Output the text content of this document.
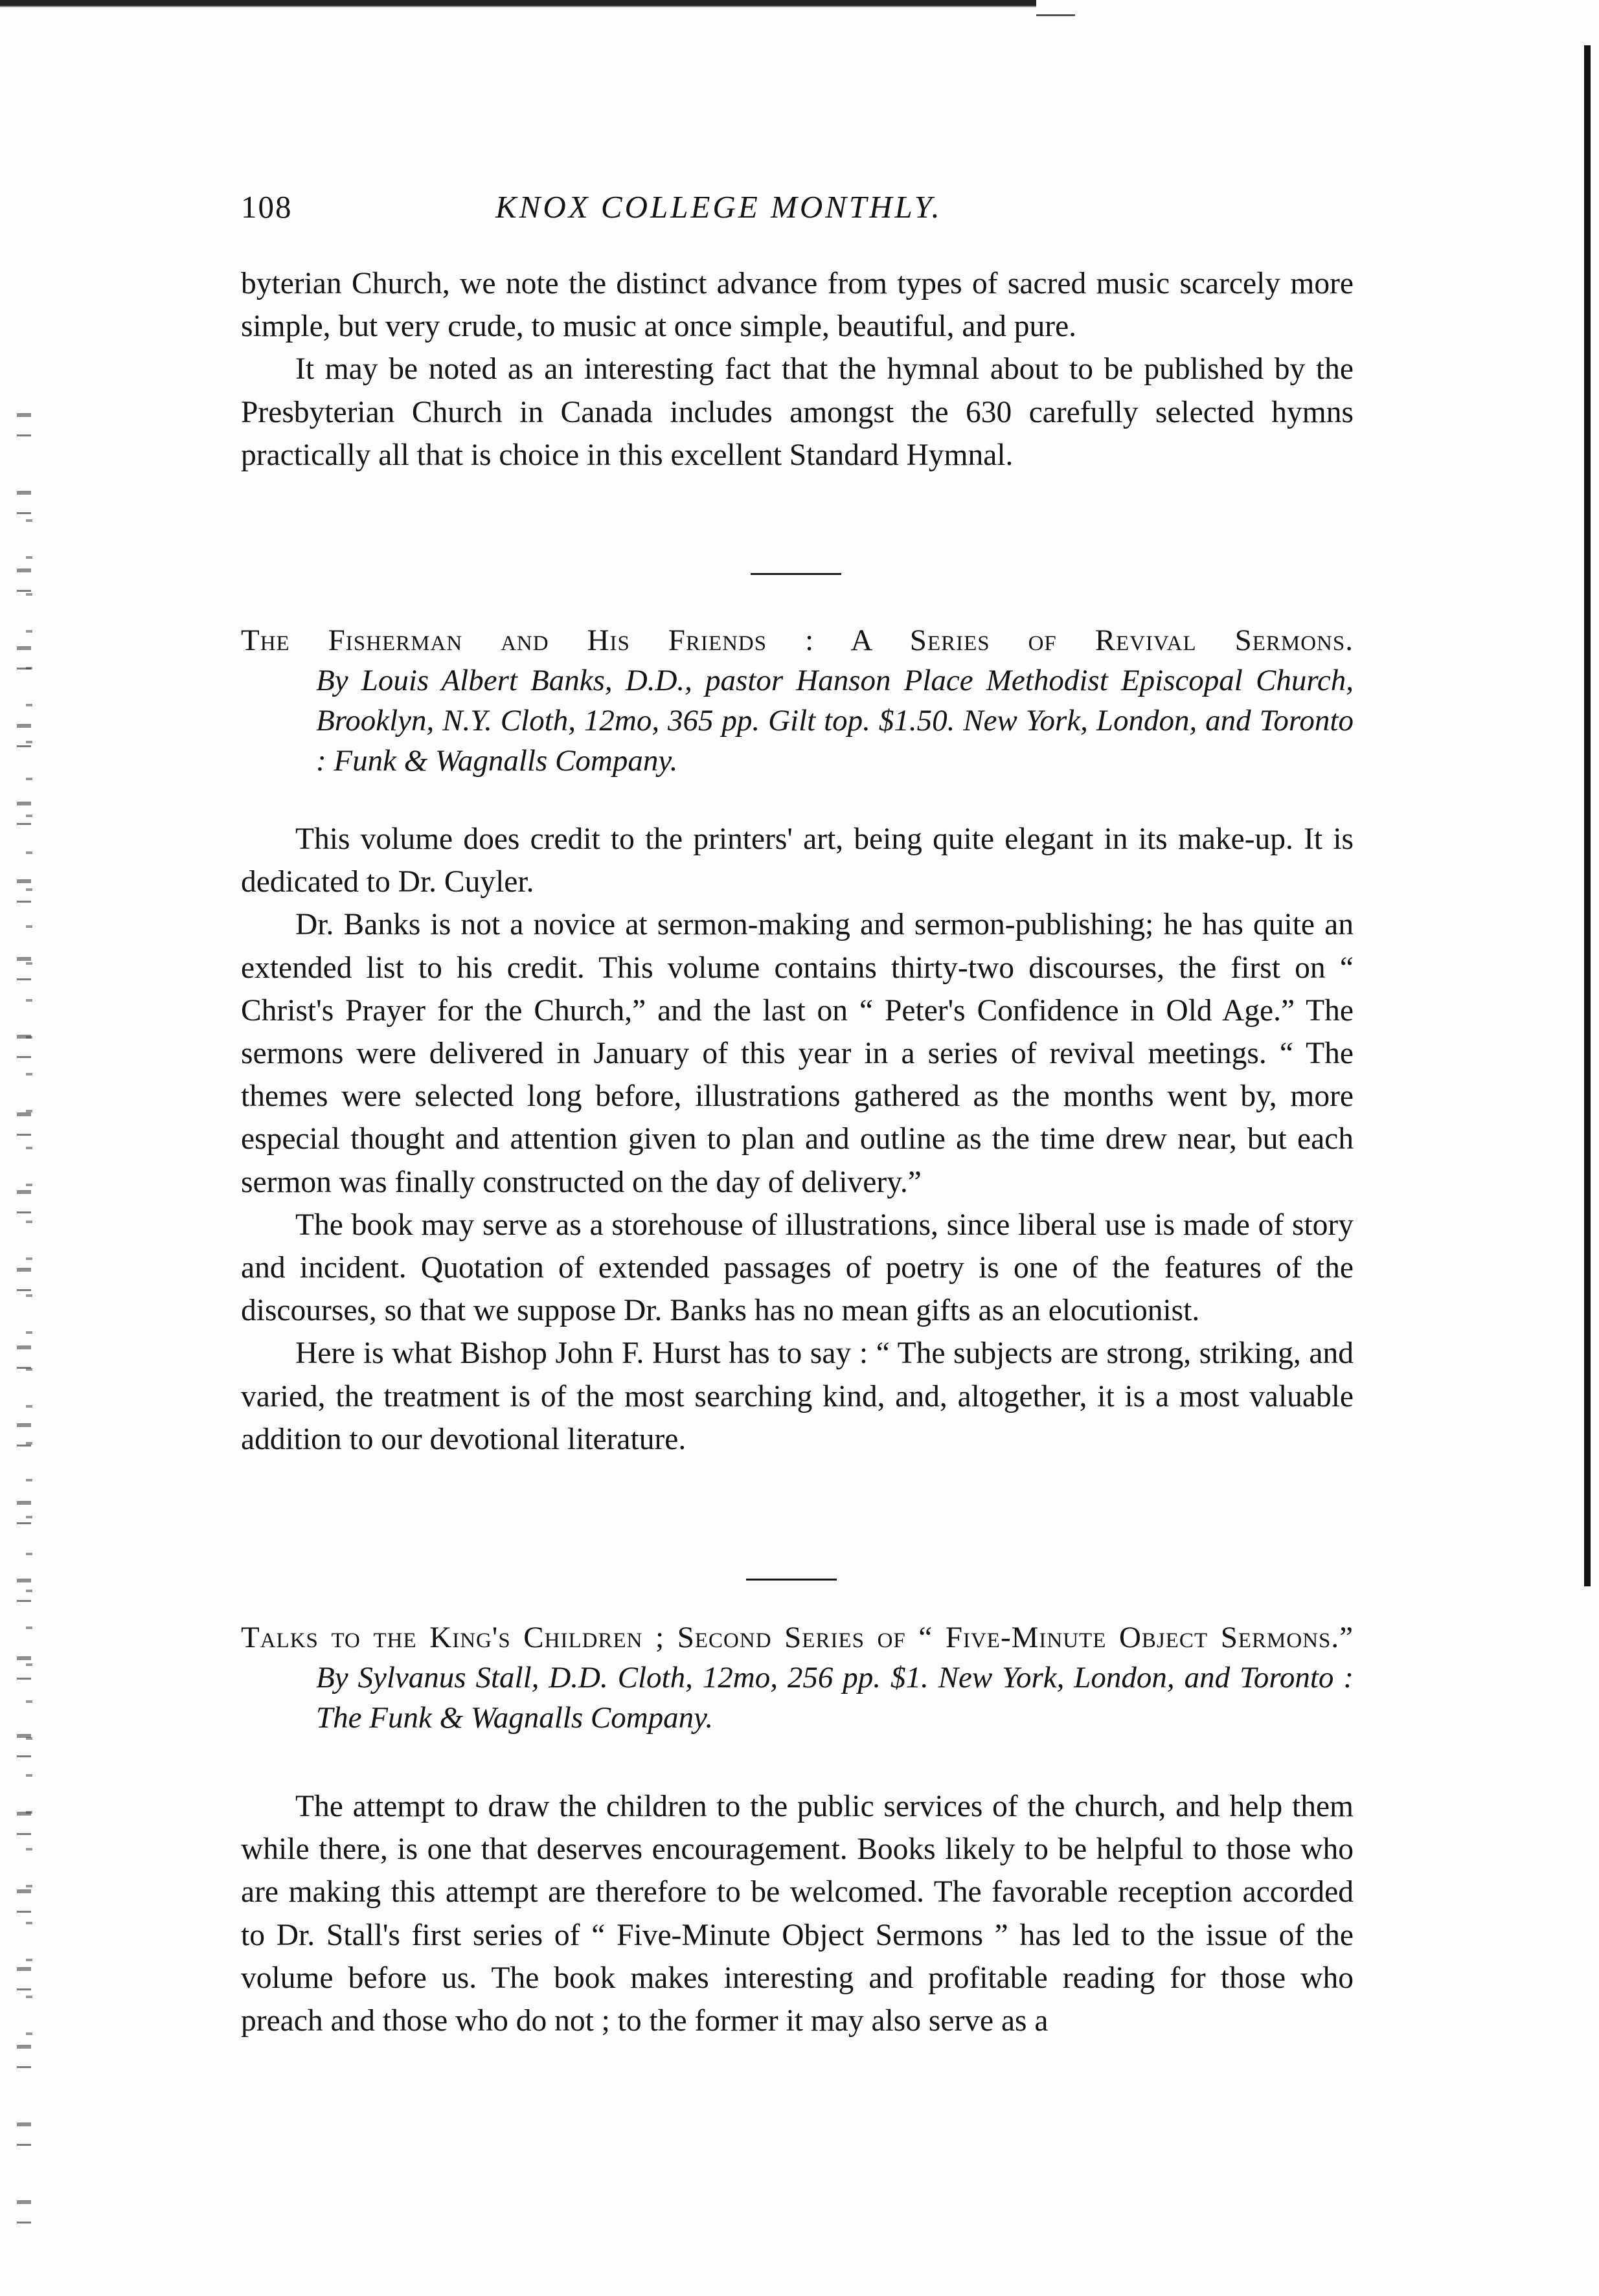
108	KNOX COLLEGE MONTHLY.

byterian Church, we note the distinct advance from types of sacred music scarcely more simple, but very crude, to music at once simple, beautiful, and pure.

It may be noted as an interesting fact that the hymnal about to be published by the Presbyterian Church in Canada includes amongst the 630 carefully selected hymns practically all that is choice in this excellent Standard Hymnal.

The Fisherman and His Friends : A Series of Revival Sermons.
By Louis Albert Banks, D.D., pastor Hanson Place Methodist Episcopal Church, Brooklyn, N.Y. Cloth, 12mo, 365 pp. Gilt top. $1.50. New York, London, and Toronto : Funk & Wagnalls Company.

This volume does credit to the printers' art, being quite elegant in its make-up. It is dedicated to Dr. Cuyler.

Dr. Banks is not a novice at sermon-making and sermon-publishing; he has quite an extended list to his credit. This volume contains thirty-two discourses, the first on “ Christ's Prayer for the Church,” and the last on “ Peter's Confidence in Old Age.” The sermons were delivered in January of this year in a series of revival meetings. “ The themes were selected long before, illustrations gathered as the months went by, more especial thought and attention given to plan and outline as the time drew near, but each sermon was finally constructed on the day of delivery.”

The book may serve as a storehouse of illustrations, since liberal use is made of story and incident. Quotation of extended passages of poetry is one of the features of the discourses, so that we suppose Dr. Banks has no mean gifts as an elocutionist.

Here is what Bishop John F. Hurst has to say : “ The subjects are strong, striking, and varied, the treatment is of the most searching kind, and, altogether, it is a most valuable addition to our devotional literature.

Talks to the King's Children ; Second Series of “ Five-Minute Object Sermons.”
By Sylvanus Stall, D.D. Cloth, 12mo, 256 pp. $1. New York, London, and Toronto : The Funk & Wagnalls Company.

The attempt to draw the children to the public services of the church, and help them while there, is one that deserves encouragement. Books likely to be helpful to those who are making this attempt are therefore to be welcomed. The favorable reception accorded to Dr. Stall's first series of “ Five-Minute Object Sermons ” has led to the issue of the volume before us. The book makes interesting and profitable reading for those who preach and those who do not ; to the former it may also serve as a
